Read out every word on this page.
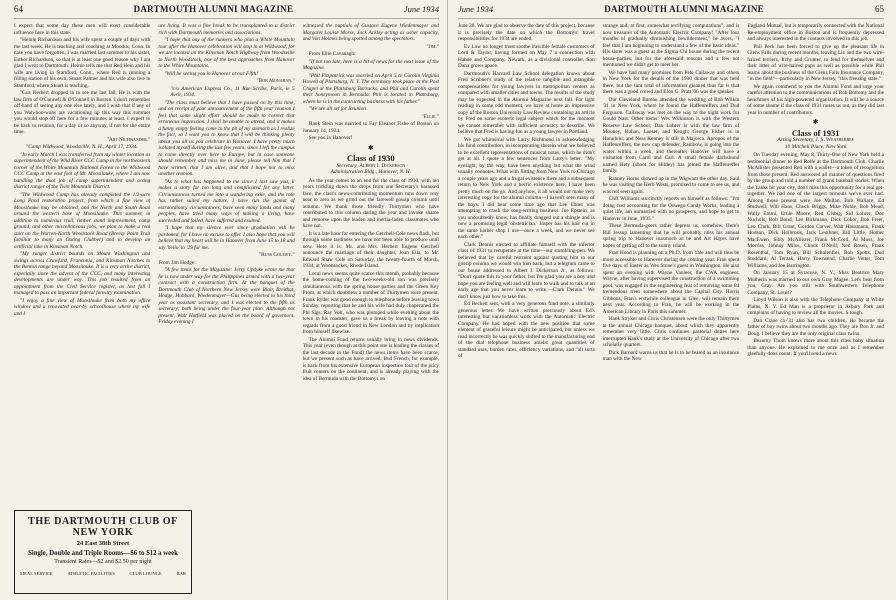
64	DARTMOUTH ALUMNI MAGAZINE	June 1934

I expect that some day these men will exert considerable influence here in this state.

"Heinie Richardson and his wife spent a couple of days with me last week. He is teaching and coaching at Moodus, Conn. In case you have forgotten, I was married last summer to his sister, Esther Richardson, so that is at least one good reason why I am glad I went to Dartmouth. Heinie tells me that Red Hein and his wife are living in Stamford, Conn., where Red is running a filling station of his own. Stuart Palmer and his wife also live in Stamford, where Stuart is teaching.

"Gus Herbert dropped in to see me last fall. He is with the law firm of O'Connell & O'Connell in Boston. I don't remember off-hand of seeing any one else lately, and I wish that if any of you Wah-hoo-wahs are vacationing up this way this summer you would stop off here for a few minutes at least. I expect to be back to reunion, for a day or so anyway, if not for the entire time.

"Art Nichwander."

"Camp Wildwood, Woodsville, N. H., April 17, 1934.

"In early March I was transferred from my winter location as superintendent of the Wild River CCC Camp in the northeastern corner of the White Mountain National Forest to the Wildwood CCC Camp at the east foot of Mt. Moosilauke, where I am now handling the dual job of camp superintendent and acting district ranger of the Twin Mountain District.

"The Wildwood Camp has already completed the 1/2-acre Long Pond restoration project, from which a fine view of Moosilauke may be obtained, and the North and South Road around the western base of Moosilauke. This summer, in addition to numerous trail, timber stand improvement, camp ground, and other miscellaneous jobs, we plan to make a real start on the Warren-North Woodstock Road (Breezy Point Trail familiar to many an Outing Clubber) and to develop an artificial lake in Kinsman Notch.

"My ranger district bounds on Mount Washington and swings across Crawford, Franconia, and Kinsman Notches to the Benton range beyond Moosilauke. It is a very active district, especially since the advent of the CCC, and many interesting developments are under way. This job resulted from an appointment from the Civil Service register, as last fall I managed to pass an important federal forestry examination.

"I enjoy a fine view of Moosilauke from both my office window and a renovated near-by schoolhouse where my wife and I

are living. It was a fine break to be transplanted to a district rich with Dartmouth memories and associations.

"I hope that any of the runners who plan a White Mountain tour after the Hanover celebration will stop in at Wildwood, for we are located on the Kinsman Notch Highway from Woodsville to North Woodstock, one of the best approaches from Hanover to the White Mountains.

"Will be seeing you in Hanover at our Fifth!

"Bob Monahan."

"c/o American Express Co., 11 Rue Scribe, Paris, le 5 Avril, 1934.

"The class must believe that I have passed on by this time, and on receipt of your announcement of the fifth year reunion I feel that some slight effort should be made to correct that erroneous impression. I shall be unable to attend, and it makes a funny empty feeling come to the pit of my stomach as I realize the fact, so I want you to know that I will be thinking plenty about you all as you celebrate in Hanover. I have pretty much isolated myself during the last few years, since I left the campus to come directly over here to Europe, but in case someone should remember and miss me in June, please tell him that I have written, that I am alive, and that I hope not to miss another reunion.

"As to what has happened to me since I last saw you, it makes a story far too long and complicated for any letter. Circumstances turned me into a wandering exile, and the role has rather suited my nature. I have run the gamut of extraordinary circumstances, have seen many lands and many peoples, have tried many ways of making a living, have succeeded and failed, have suffered and exulted.

"I hope that my silence ever since graduation will be pardoned, for I have no excuse to offer. I also hope that you will believe that my heart will be in Hanover from June 15 to 18 and say 'hello' to '29 for me.

"Russ Goudey."

From Jim Hodge:

"A few items for the Magazine: Jerry Updyke wrote me that he is now under way for the Philippines armed with a two-year contract with a construction firm. At the banquet of the Dartmouth Club of Northern New Jersey were Blair, Breithut, Hodge, Hubbard, Wiedenmayer—Gus being elected to his third year as assistant secretary, and I was elected to the fifth as secretary; both being under the four-year plan. Although not present, Walt Hatfield was placed on the board of governors. Friday evening I

witnessed the nuptials of Gustave Eugene Wiedenmayer and Margaret Louise Morse, Jack Ackley acting as usher capacity, and Van Holmes being spotted among the spectators.

"Jim."

From Ellie Cavanagh:

"If not too late, here is a bit of news for the next issue of the Magazine.

"Phil Fitzpatrick was married on April 5 to Carolin Virginia Howell of Plattsburg, N. Y. The ceremony took place at the Post Chapel at the Plattsburg Barracks, and Phil and Carolin spent their honeymoon in Bermuda. Phil is located in Plattsburg, where he is in the contracting business with his father."

"We are all set for Reunion.

"Ellie."

Hank Stein was married to Fay Eleanor Fishe of Boston on January 14, 1934.

See you in Hanover!

✱
Class of 1930
Secretary, Albert I. Dickerson
Administration Bldg., Hanover, N. H.

As the year comes to an end for the class of 1930, with ten years trickling down the drops from one Secretary's harassed face, the class's news-contributing momentum runs down very near to zero as we grind out the farewell gossip column until autumn. We thank those friendly Thirtymen who have contributed to this column during the year and invoke shame and remorse upon the leaden and inertia-laden classmates who have not.

It is a late hour for entering the Getchell-Cole news flash, but through some tardiness we have not been able to produce until now. Here it is: Mr. and Mrs. Herbert Eugene Getchell announce the marriage of their daughter, Joan Ella, to Mr. Edward Shaw Cole on Saturday, the twenty-fourth of March, 1934, at Woonsocket, Rhode Island.

Local news seems quite scarce this month, probably because the home-coming of the two-weeks-old son was precisely simultaneous with the spring house parties and the Green Key Prom, at which doubtless a number of Thirtymen were present. Frank Ryder was good enough to telephone before leaving town Sunday, reporting that he and his wife had duly chaperoned the Phi Sigs. Ray Volt, who was plumped while evening about the town in his roadster, gave us a break by leaving a note with regards from a good friend in New London and by implication from himself likewise.

The Alumni Fund returns usually bring in news dividends. This year (even though at this point one is leading the classes of the last decade in the Fund) the news items have been scarce, but we present such as have arrived. Bud French, for example, is back from his extensive European inspection tour of the juicy fruit centers on the continent, and is already playing with the idea of Bermuda with the Bottomys on

THE DARTMOUTH CLUB OF NEW YORK
24 East 38th Street
Single, Double and Triple Rooms—$6 to $12 a week
Transient Rates—$2 and $2.50 per night
MEAL SERVICE	ATHLETIC FACILITIES	CLUB LOUNGE	BAR
June 1934	DARTMOUTH ALUMNI MAGAZINE	65

June 30. We are glad to observe the date of this project, because it is precisely the date on which the Bottomys' travel responsibilities for 1934 are ended.

Ev Low no longer must soothe irascible female customers of Lord & Taylor, having formed on May 7 a connection with Hahne and Company, Newark, as a divisional controller. Son Dana grows apace.

Dartmouth's Harvard Law School delegation knows about Fred Scribner's study of the relative tangible and intangible compensations for young lawyers in metropolitan centers as compared with smaller cities and towns. The results of the study may be expected in the Alumni Magazine next fall. For light reading in some odd moment, we have at home an impressive copy of the Boston University Law Review containing an article by Fred on some esoteric legal subject which for the moment we cannot remember with sufficient accuracy to describe. We believe that Fred is having fun as a young lawyer in Portland.

We got whimsical with Larry Richmond in acknowledging his fund contribution, in incorporating therein what we believed to be excellent representations of musical notes, which he didn't get at all. I quote a few sentences from Larry's letter: "My eyesight, by the way, have been anything but what the wind usually connotes. What with flitting from New York to Chicago a couple years ago and a frugal existence there and a subsequent return to New York and a hectic existence here, I have been pretty much on the go. And anyhow, it all would not make very interesting copy for the alumni column—I haven't seen many of the boys. I did hear some time ago that Lee Ebner was attempting to crash the song-writing business. Joe Epstein, as you undoubtedly know, has finally dragged out a shingle and is now a promising legal 'obstetrician.' Jasper has his hair cut in the same barber shop I use—once a week, and we never see each other."

Clark Dennis elected to affiliate himself with the inferior class of 1931 to recuperate at the time—our stumbling-pen. We believed that by careful restraint against quoting him in our gossip column we would win him back, but a telegram came to our house addressed to Albert I. Dickerson Jr., as follows: "Don't quote this to your father, but I'm glad you are a boy and hope you are feeling well and will learn to walk and to talk at an early age that you never learn to write.—Clark Dennis." We don't know just how to take this.

Ed Beckett sent, with a very generous fund note, a similarly generous letter. We have written previously about Ed's interesting but vacationless work with the Automatic Electric Company. He had hoped with the new position that some element of graceful leisure might be anticipated, but unless we read incorrectly he was quickly shifted to the manufacturing end of the dial telephone business amidst great quantities of standard uses, burden rates, efficiency variations, and "all sorts of

strange and, at first, somewhat terrifying computations"; and is now treasurer of the Automatic Electric Company! "After four months of gradually diminishing bewilderment," he avers, "I feel that I am beginning to understand a few of the basic ideas." His sister was a guest at the Sigma Chi house during the recent house-parties, but for the aforesaid reasons and a few not mentioned we didn't get to meet her.

We have had many promises from Pete Callaway and others in New York for the details of the 1930 dinner that was held there, but the sum total of information gleaned thus far is that there was a good crowd and Elon G. Pratt '06 was the speaker.

Our Cleveland Bureau attended the wedding of Bob Wilkin '31 in New York, where he found the Haffenreffers and Dud Ferguson. Callaway was met on the way to the night work for Gould Nast. Other items: Wes Wilkinson is with the Western Reserve Law School; Dan Lohrer is with the law firm of Mooney, Hahan, Loeser, and Keogh; George Fisher is in Honolulu; and Ness Kenney is still in Majorca. Apropos of the Haffenreffers, the new cup defender, Rainbow, is going into the water within a week, and thereafter Hanover will have a visitation from Carol and Carl. A small female dachshund named Hety (shoot for Hildey) has joined the Haffenreffer family.

Ranney Horns showed up in the Wigwam the other day. Said he was visiting the Herb Wests, promised to come to see us, and was not seen again.

Cliff Williams succinctly reports on himself as follows: "I'm doing cost accounting for the Oswego Candy Works, leading a quiet life, am unmarried with no prospects, and hope to get to Hanover in June, 1935."

These Bermuda-goers rather depress us, somehow. Here's Bill Jessup lamenting that he will probably miss his annual spring trip to Hanover inasmuch as he and Art Hayes have hopes of getting off to the sunny island.

Fran Hood is planning on a Ph.D. from Yale and will thus be more accessible to Hanover during the coming year. Fran spent five days of Easter as Wes Stone's guest in Washington. He also spent an evening with Wayne Vanleer, the CWA engineer. Wayne, after having supervised the construction of a swimming pool, was engaged in the engineering feat of removing some 84 tremendous trees somewhere about the Capital City. Horris Gibbons, Fran's erstwhile colleague in Glee, will remain there next year. According to Fran, he will be working in the American Library in Paris this summer.

Hank Stryker and Chris Christensen were the only Thirtymen at the annual Chicago banquet, about which they apparently remember very little. Chris continues pastorial duties here interrupted Hank's study at the University of Chicago after two scholarly quarters.

Dick Barnard warns us that he is to be feared as an insurance man with the New

England Mutual, but is temporarily connected with the National Re-employment office in Boston and is frequently depressed and always interested in the contacts involved in this job.

Phil Peck has been forced to give up the pleasant life in Glens Falls during recent months, leaving Liz and the two wire-haired terriers, Itchy and Grunter, to fend for themselves and their litter of wire-haired pups as well as possible while Phil learns about the business of the Glens Falls Insurance Company, "in the field"—particularly in New Jersey, "this freezing state."

We again commend to you the Alumni Fund and urge your careful attention to the communications of Bob Bottomy and the henchmen of his high-powered organization. It will be a source of some shame if the class of 1931 noses us out, as they did last year in number of contributors.

✱
Class of 1931
Acting Secretary, J. S. Weatherbee
10 Mitchell Place, New York

On Tuesday evening, May 8, Thirty-One of New York held a testimonial dinner to Red Rolfe at the Dartmouth Club. Charlie McAllister presented Red with a wallet—a token of recognition from those present. Red answered all manner of questions fired by the group and told a number of grand baseball stories. When the Yanks hit your city, don't miss this opportunity for a real get-together. We had one of the largest turnouts we've ever had. Among those present were Joe Mullan, Bob Wallace, Ed Studwell, Will Haus, Chuck Briggs, Mike Nohle, Bob Mead, Wally Emmi, Ernie Moore, Red Gisbig, Sid Lohrer, Doc Nuchols, Bob Bond, Lee Birkmann, Dick Cokor, Bob Freer, Leo Clark, Bill Grant, Gordon Carver, Walt Hausmann, Frank Hodson, Dick Holbrook, Jack Leuthner, Bill Little, Homer MacEwen, Sibly McAllister, Frank McCord, Al Moss, Joe Morriss, Johnny Milos, Chuck O'Neill, Ned Rosen, Frank Rosenthal, Tom Ryan, Bill Schulenfrei, Bob Spotts, Dod Stoddard, Al Terzak, Harry Townsend, Charlie Vetter, Tom Williams, and Joe Barrington.

On January 15 at Syracuse, N. Y., Miss Beatrice Mary Mulherin was married to our own Gray Magee. Let's hear from you, Gray. Are you still with Southwestern Telephone Company, St. Louis?

Lloyd Wilson is also with the Telephone Company at White Plains, N. Y. Ed Man is a proprietor in Asbury Park and complains of having to review all the movies. S tough.

Dan Crane cx-'31 also has two children. He became the father of boy twins about two months ago. They are Don Jr. and Doug. I believe they are the only original class twins.

Beaumy Thom knows more about this class baby situation than anyone. He explained to me once and as I remember gleefully dons count. If you'll send a news
